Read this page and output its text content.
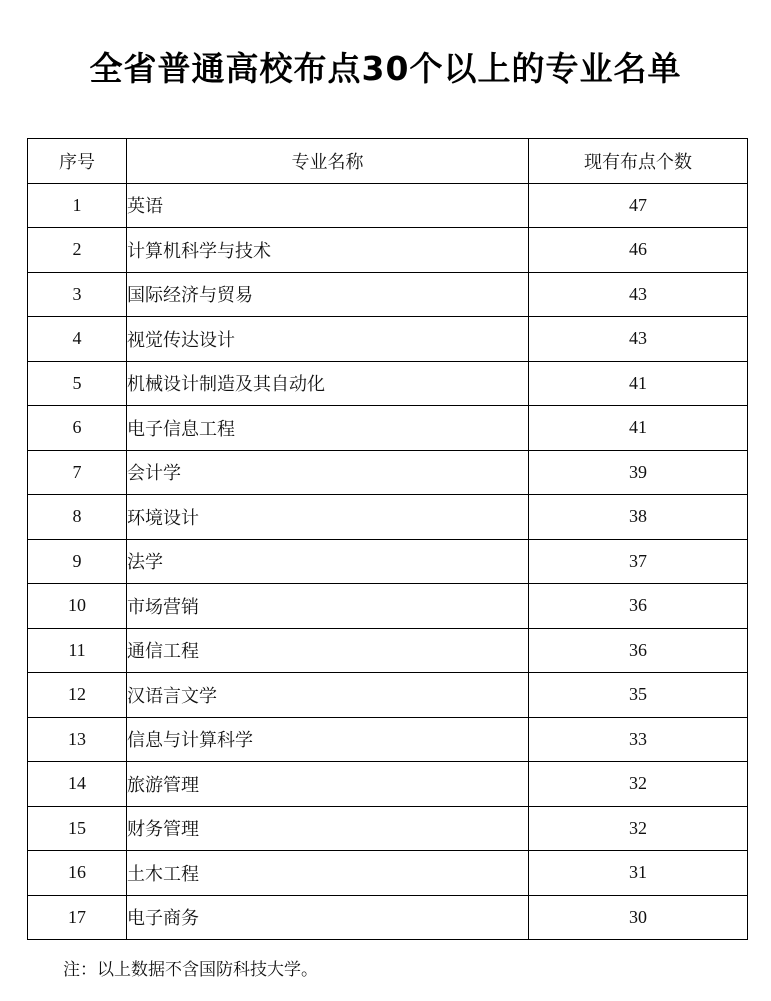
全省普通高校布点30个以上的专业名单
序号	专业名称	现有布点个数
1	英语	47
2	计算机科学与技术	46
3	国际经济与贸易	43
4	视觉传达设计	43
5	机械设计制造及其自动化	41
6	电子信息工程	41
7	会计学	39
8	环境设计	38
9	法学	37
10	市场营销	36
11	通信工程	36
12	汉语言文学	35
13	信息与计算科学	33
14	旅游管理	32
15	财务管理	32
16	土木工程	31
17	电子商务	30
注：以上数据不含国防科技大学。
